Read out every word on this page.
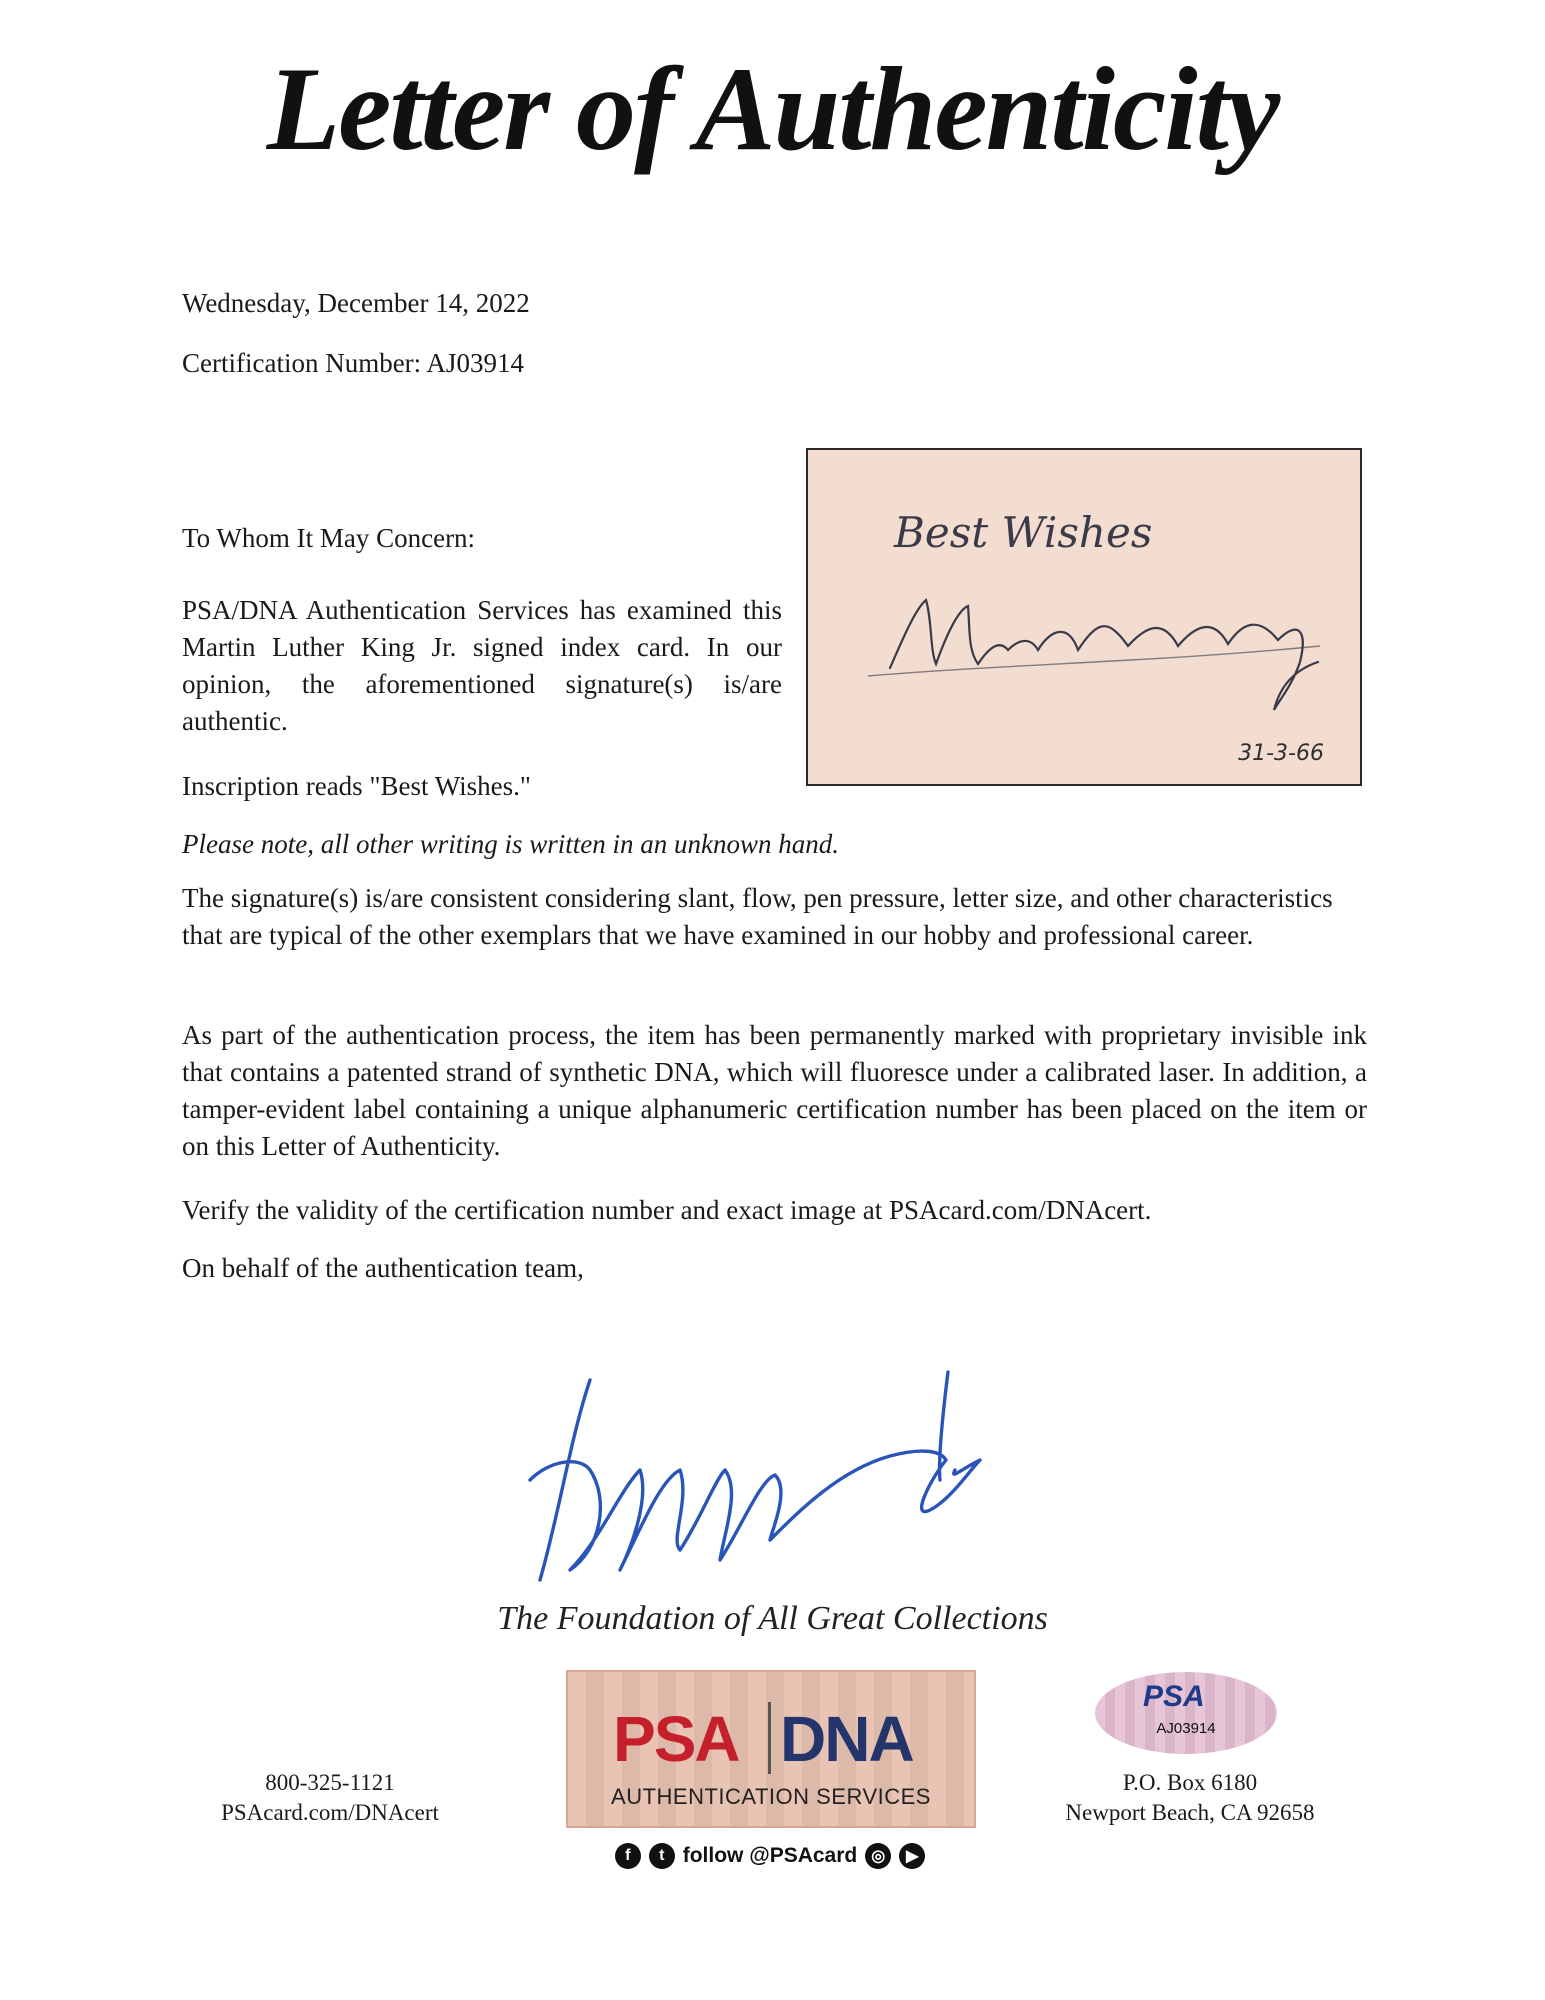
Letter of Authenticity
Wednesday, December 14, 2022
Certification Number: AJ03914
Best Wishes
31-3-66

To Whom It May Concern:

PSA/DNA Authentication Services has examined this Martin Luther King Jr. signed index card. In our opinion, the aforementioned signature(s) is/are authentic.

Inscription reads "Best Wishes."

Please note, all other writing is written in an unknown hand.

The signature(s) is/are consistent considering slant, flow, pen pressure, letter size, and other characteristics that are typical of the other exemplars that we have examined in our hobby and professional career.

As part of the authentication process, the item has been permanently marked with proprietary invisible ink that contains a patented strand of synthetic DNA, which will fluoresce under a calibrated laser. In addition, a tamper-evident label containing a unique alphanumeric certification number has been placed on the item or on this Letter of Authenticity.

Verify the validity of the certification number and exact image at PSAcard.com/DNAcert.

On behalf of the authentication team,

The Foundation of All Great Collections
800-325-1121
PSAcard.com/DNAcert
PSA DNA
AUTHENTICATION SERVICES
f	t follow @PSAcard ◎	▶
PSA
AJ03914
P.O. Box 6180
Newport Beach, CA 92658
